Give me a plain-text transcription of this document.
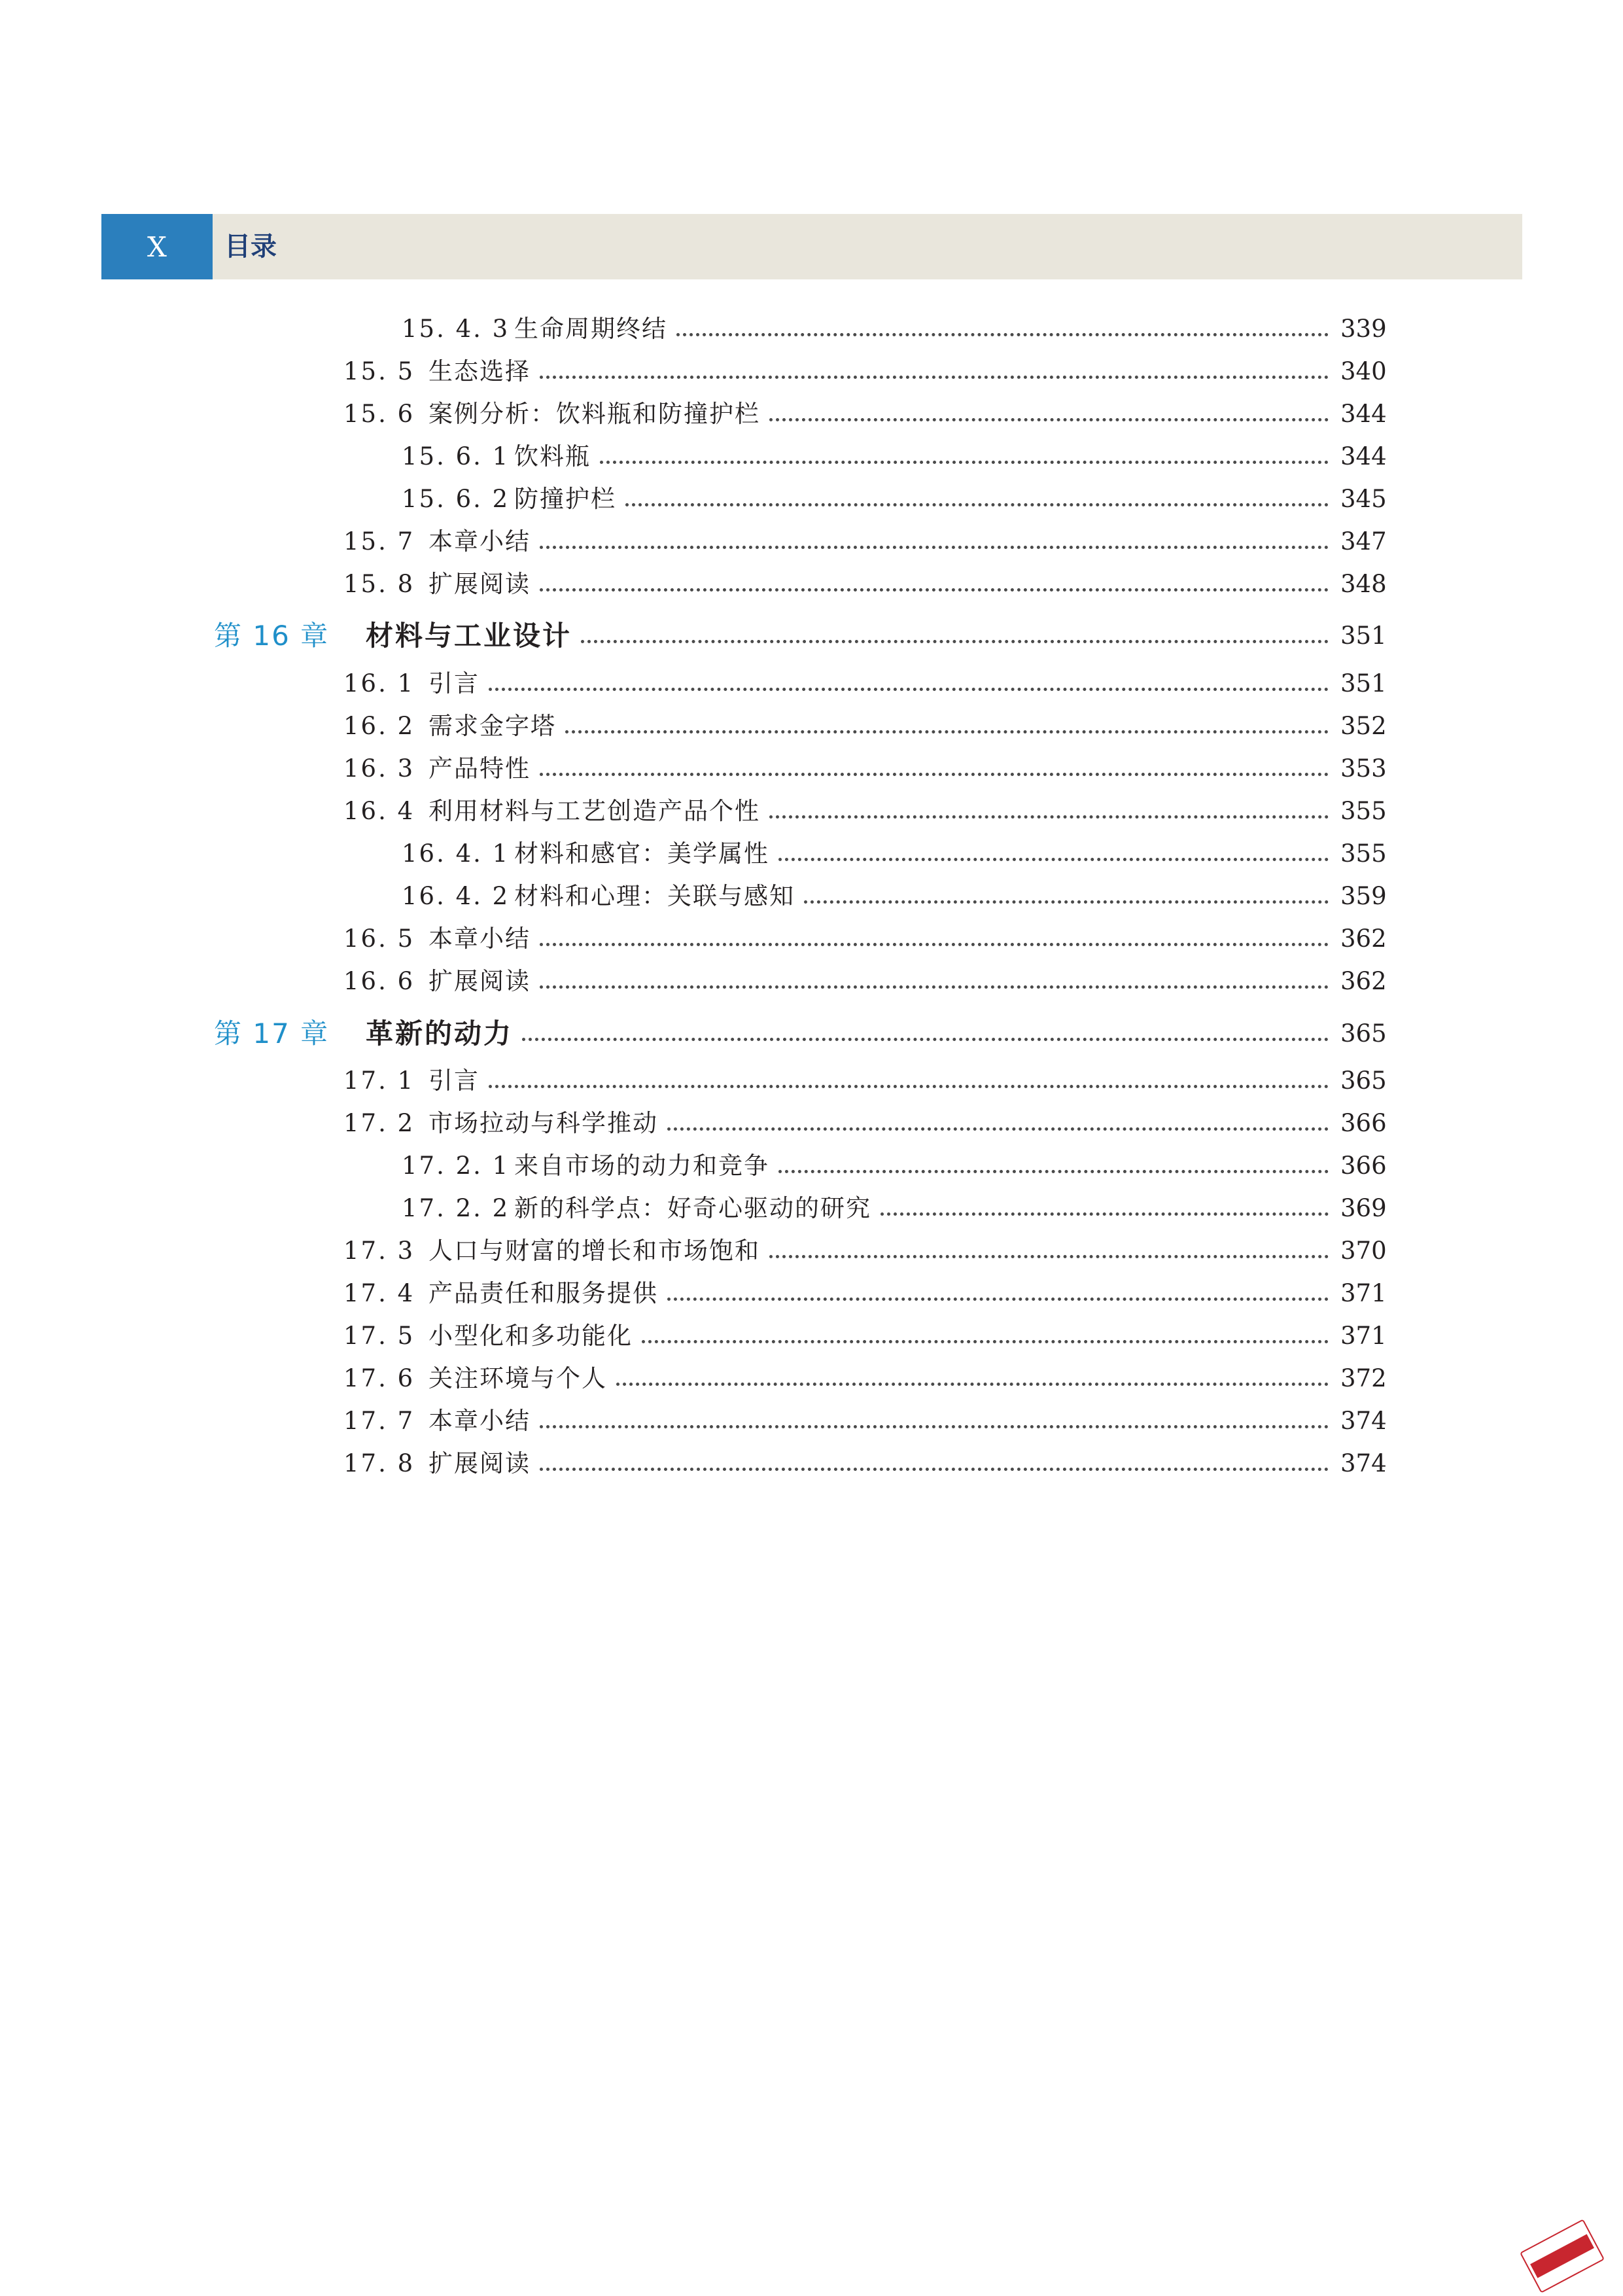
X 目录
15. 4. 3 生命周期终结	339
15. 5 生态选择	340
15. 6 案例分析：饮料瓶和防撞护栏	344
15. 6. 1 饮料瓶	344
15. 6. 2 防撞护栏	345
15. 7 本章小结	347
15. 8 扩展阅读	348
第 16 章	材料与工业设计	351
16. 1 引言	351
16. 2 需求金字塔	352
16. 3 产品特性	353
16. 4 利用材料与工艺创造产品个性	355
16. 4. 1 材料和感官：美学属性	355
16. 4. 2 材料和心理：关联与感知	359
16. 5 本章小结	362
16. 6 扩展阅读	362
第 17 章	革新的动力	365
17. 1 引言	365
17. 2 市场拉动与科学推动	366
17. 2. 1 来自市场的动力和竞争	366
17. 2. 2 新的科学点：好奇心驱动的研究	369
17. 3 人口与财富的增长和市场饱和	370
17. 4 产品责任和服务提供	371
17. 5 小型化和多功能化	371
17. 6 关注环境与个人	372
17. 7 本章小结	374
17. 8 扩展阅读	374
